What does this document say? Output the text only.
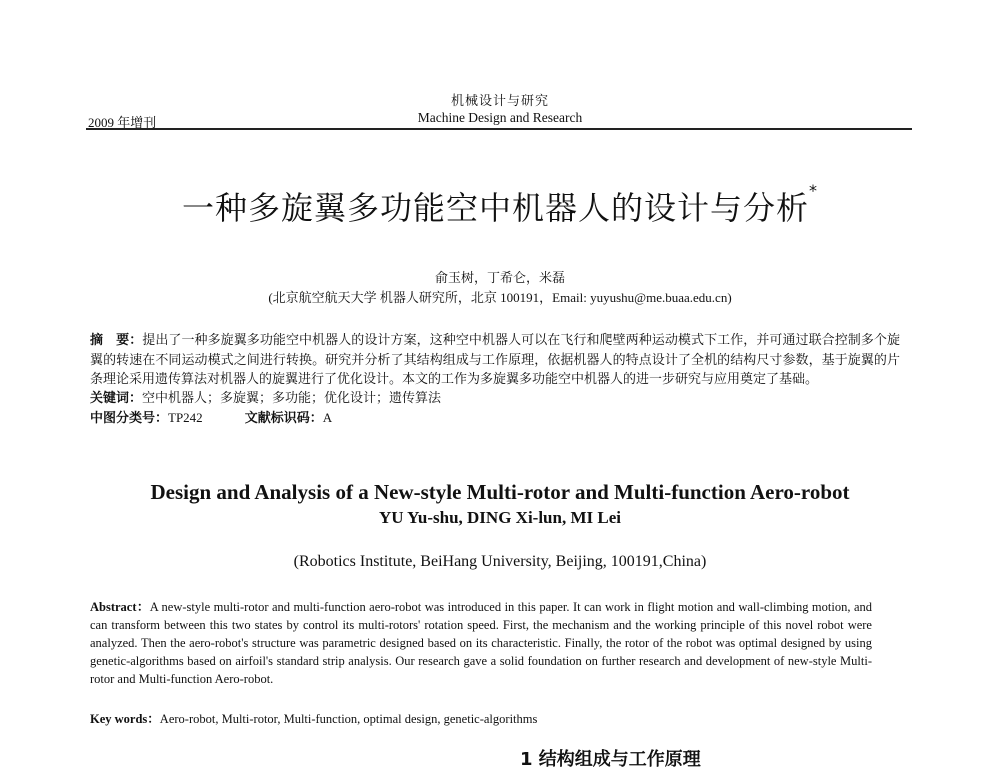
机械设计与研究
Machine Design and Research
2009 年增刊
一种多旋翼多功能空中机器人的设计与分析*
俞玉树，丁希仑，米磊
(北京航空航天大学 机器人研究所，北京 100191，Email: yuyushu@me.buaa.edu.cn)
摘　要：提出了一种多旋翼多功能空中机器人的设计方案，这种空中机器人可以在飞行和爬壁两种运动模式下工作，并可通过联合控制多个旋翼的转速在不同运动模式之间进行转换。研究并分析了其结构组成与工作原理，依据机器人的特点设计了全机的结构尺寸参数，基于旋翼的片条理论采用遗传算法对机器人的旋翼进行了优化设计。本文的工作为多旋翼多功能空中机器人的进一步研究与应用奠定了基础。
关键词：空中机器人；多旋翼；多功能；优化设计；遗传算法
中图分类号：TP242	文献标识码：A
Design and Analysis of a New-style Multi-rotor and Multi-function Aero-robot
YU Yu-shu, DING Xi-lun, MI Lei
(Robotics Institute, BeiHang University, Beijing, 100191,China)
Abstract：A new-style multi-rotor and multi-function aero-robot was introduced in this paper. It can work in flight motion and wall-climbing motion, and can transform between this two states by control its multi-rotors' rotation speed. First, the mechanism and the working principle of this novel robot were analyzed. Then the aero-robot's structure was parametric designed based on its characteristic. Finally, the rotor of the robot was optimal designed by using genetic-algorithms based on airfoil's standard strip analysis. Our research gave a solid foundation on further research and development of new-style Multi-rotor and Multi-function Aero-robot.
Key words：Aero-robot, Multi-rotor, Multi-function, optimal design, genetic-algorithms
1 结构组成与工作原理
